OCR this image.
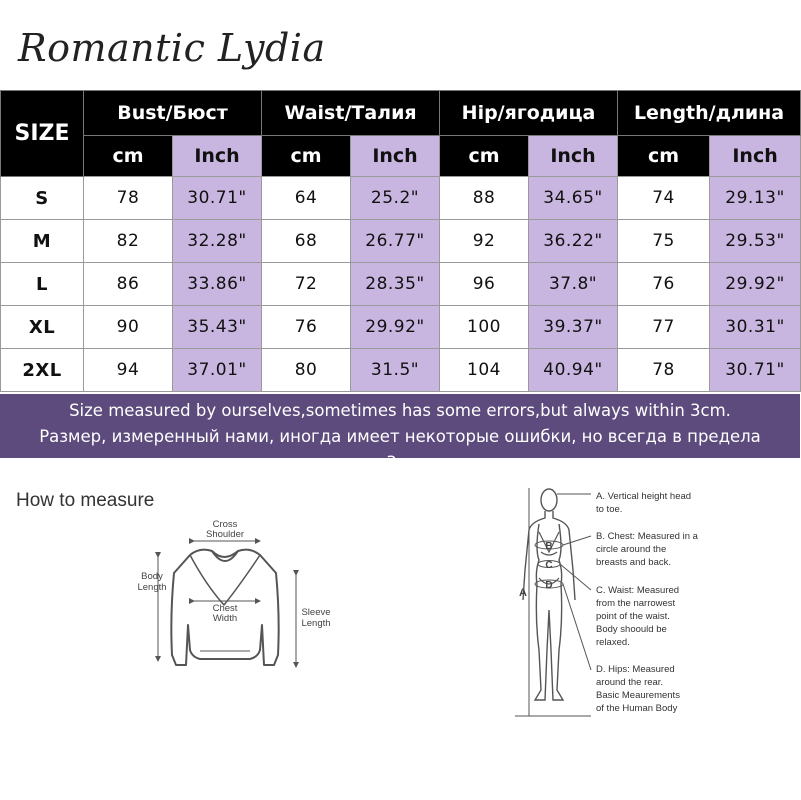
Romantic Lydia
SIZE	Bust/Бюст		Waist/Талия		Hip/ягодица		Length/длина	
	cm	Inch	cm	Inch	cm	Inch	cm	Inch
S	78	30.71"	64	25.2"	88	34.65"	74	29.13"
M	82	32.28"	68	26.77"	92	36.22"	75	29.53"
L	86	33.86"	72	28.35"	96	37.8"	76	29.92"
XL	90	35.43"	76	29.92"	100	39.37"	77	30.31"
2XL	94	37.01"	80	31.5"	104	40.94"	78	30.71"
Size measured by ourselves,sometimes has some errors,but always within 3cm.
Размер, измеренный нами, иногда имеет некоторые ошибки, но всегда в предела
х 3 см.
How to measure
Cross
Shoulder
Body
Length
Chest
Width
Sleeve
Length
A
B
C
D
A. Vertical height head
to toe.
B. Chest: Measured in a
circle around the
breasts and back.
C. Waist: Measured
from the narrowest
point of the waist.
Body shoould be
relaxed.
D. Hips: Measured
around the rear.
Basic Meaurements
of the Human Body
